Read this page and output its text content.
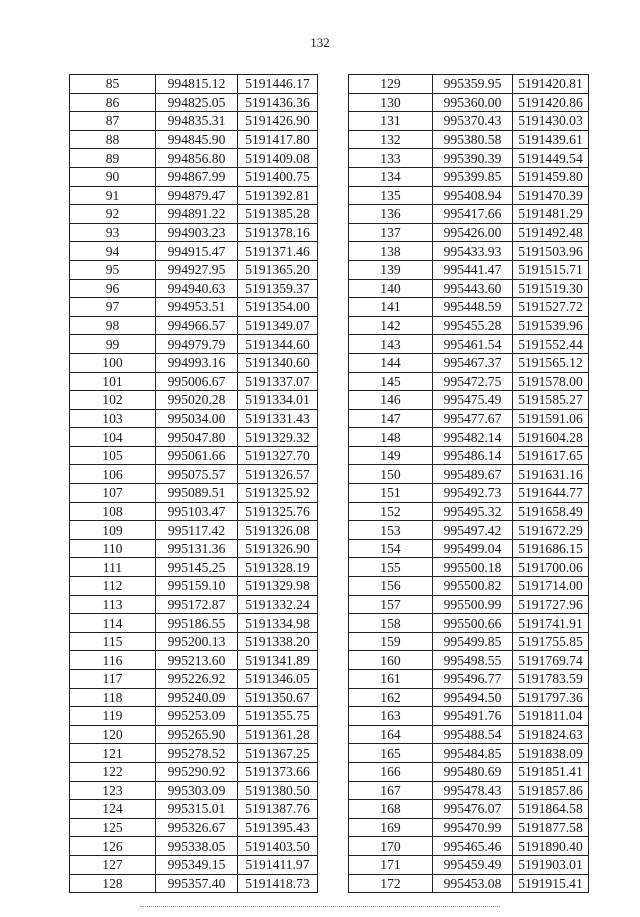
132
85	994815.12	5191446.17
86	994825.05	5191436.36
87	994835.31	5191426.90
88	994845.90	5191417.80
89	994856.80	5191409.08
90	994867.99	5191400.75
91	994879.47	5191392.81
92	994891.22	5191385.28
93	994903.23	5191378.16
94	994915.47	5191371.46
95	994927.95	5191365.20
96	994940.63	5191359.37
97	994953.51	5191354.00
98	994966.57	5191349.07
99	994979.79	5191344.60
100	994993.16	5191340.60
101	995006.67	5191337.07
102	995020.28	5191334.01
103	995034.00	5191331.43
104	995047.80	5191329.32
105	995061.66	5191327.70
106	995075.57	5191326.57
107	995089.51	5191325.92
108	995103.47	5191325.76
109	995117.42	5191326.08
110	995131.36	5191326.90
111	995145.25	5191328.19
112	995159.10	5191329.98
113	995172.87	5191332.24
114	995186.55	5191334.98
115	995200.13	5191338.20
116	995213.60	5191341.89
117	995226.92	5191346.05
118	995240.09	5191350.67
119	995253.09	5191355.75
120	995265.90	5191361.28
121	995278.52	5191367.25
122	995290.92	5191373.66
123	995303.09	5191380.50
124	995315.01	5191387.76
125	995326.67	5191395.43
126	995338.05	5191403.50
127	995349.15	5191411.97
128	995357.40	5191418.73
129	995359.95	5191420.81
130	995360.00	5191420.86
131	995370.43	5191430.03
132	995380.58	5191439.61
133	995390.39	5191449.54
134	995399.85	5191459.80
135	995408.94	5191470.39
136	995417.66	5191481.29
137	995426.00	5191492.48
138	995433.93	5191503.96
139	995441.47	5191515.71
140	995443.60	5191519.30
141	995448.59	5191527.72
142	995455.28	5191539.96
143	995461.54	5191552.44
144	995467.37	5191565.12
145	995472.75	5191578.00
146	995475.49	5191585.27
147	995477.67	5191591.06
148	995482.14	5191604.28
149	995486.14	5191617.65
150	995489.67	5191631.16
151	995492.73	5191644.77
152	995495.32	5191658.49
153	995497.42	5191672.29
154	995499.04	5191686.15
155	995500.18	5191700.06
156	995500.82	5191714.00
157	995500.99	5191727.96
158	995500.66	5191741.91
159	995499.85	5191755.85
160	995498.55	5191769.74
161	995496.77	5191783.59
162	995494.50	5191797.36
163	995491.76	5191811.04
164	995488.54	5191824.63
165	995484.85	5191838.09
166	995480.69	5191851.41
167	995478.43	5191857.86
168	995476.07	5191864.58
169	995470.99	5191877.58
170	995465.46	5191890.40
171	995459.49	5191903.01
172	995453.08	5191915.41
